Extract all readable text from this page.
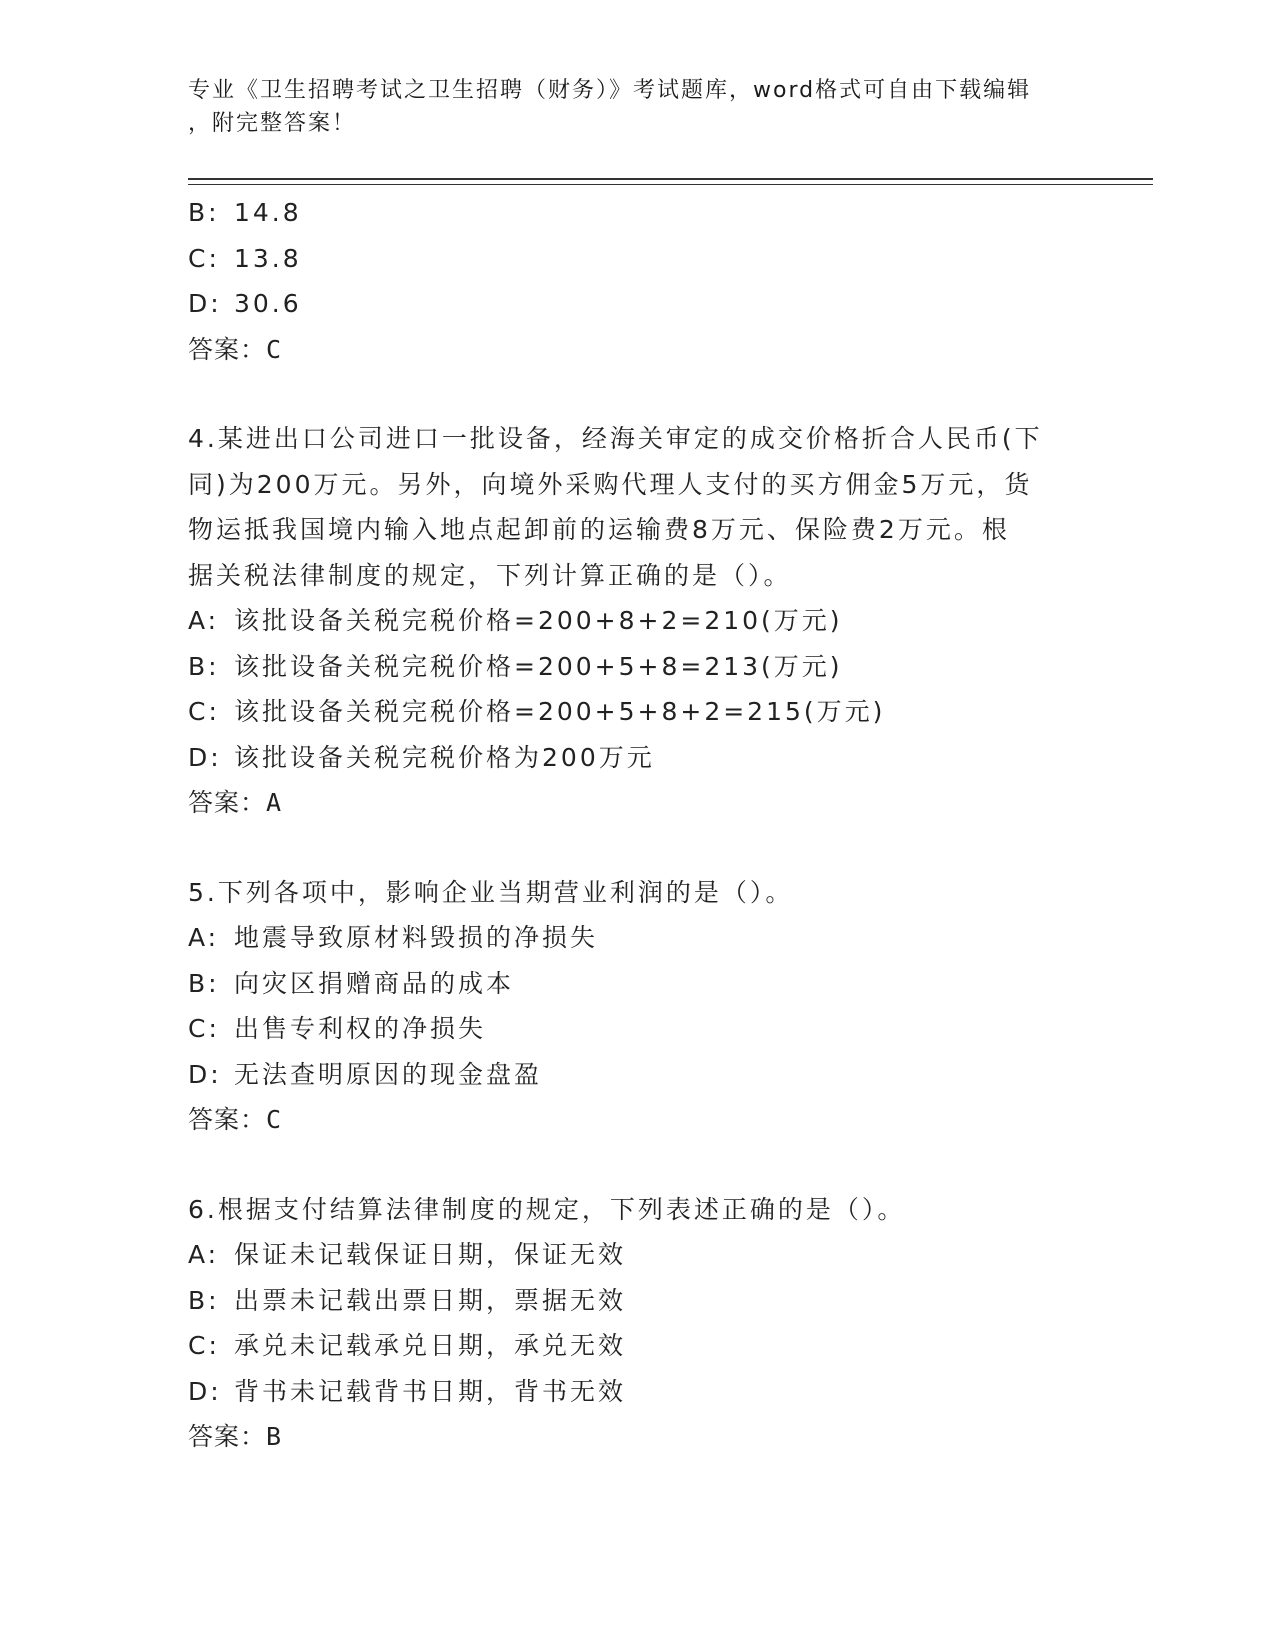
专业《卫生招聘考试之卫生招聘（财务）》考试题库，word格式可自由下载编辑
，附完整答案！
B: 14.8
C: 13.8
D: 30.6
答案：C
4.某进出口公司进口一批设备，经海关审定的成交价格折合人民币(下
同)为200万元。另外，向境外采购代理人支付的买方佣金5万元，货
物运抵我国境内输入地点起卸前的运输费8万元、保险费2万元。根
据关税法律制度的规定，下列计算正确的是（）。
A: 该批设备关税完税价格=200+8+2=210(万元)
B: 该批设备关税完税价格=200+5+8=213(万元)
C: 该批设备关税完税价格=200+5+8+2=215(万元)
D: 该批设备关税完税价格为200万元
答案：A
5.下列各项中，影响企业当期营业利润的是（）。
A: 地震导致原材料毁损的净损失
B: 向灾区捐赠商品的成本
C: 出售专利权的净损失
D: 无法查明原因的现金盘盈
答案：C
6.根据支付结算法律制度的规定，下列表述正确的是（）。
A: 保证未记载保证日期，保证无效
B: 出票未记载出票日期，票据无效
C: 承兑未记载承兑日期，承兑无效
D: 背书未记载背书日期，背书无效
答案：B
